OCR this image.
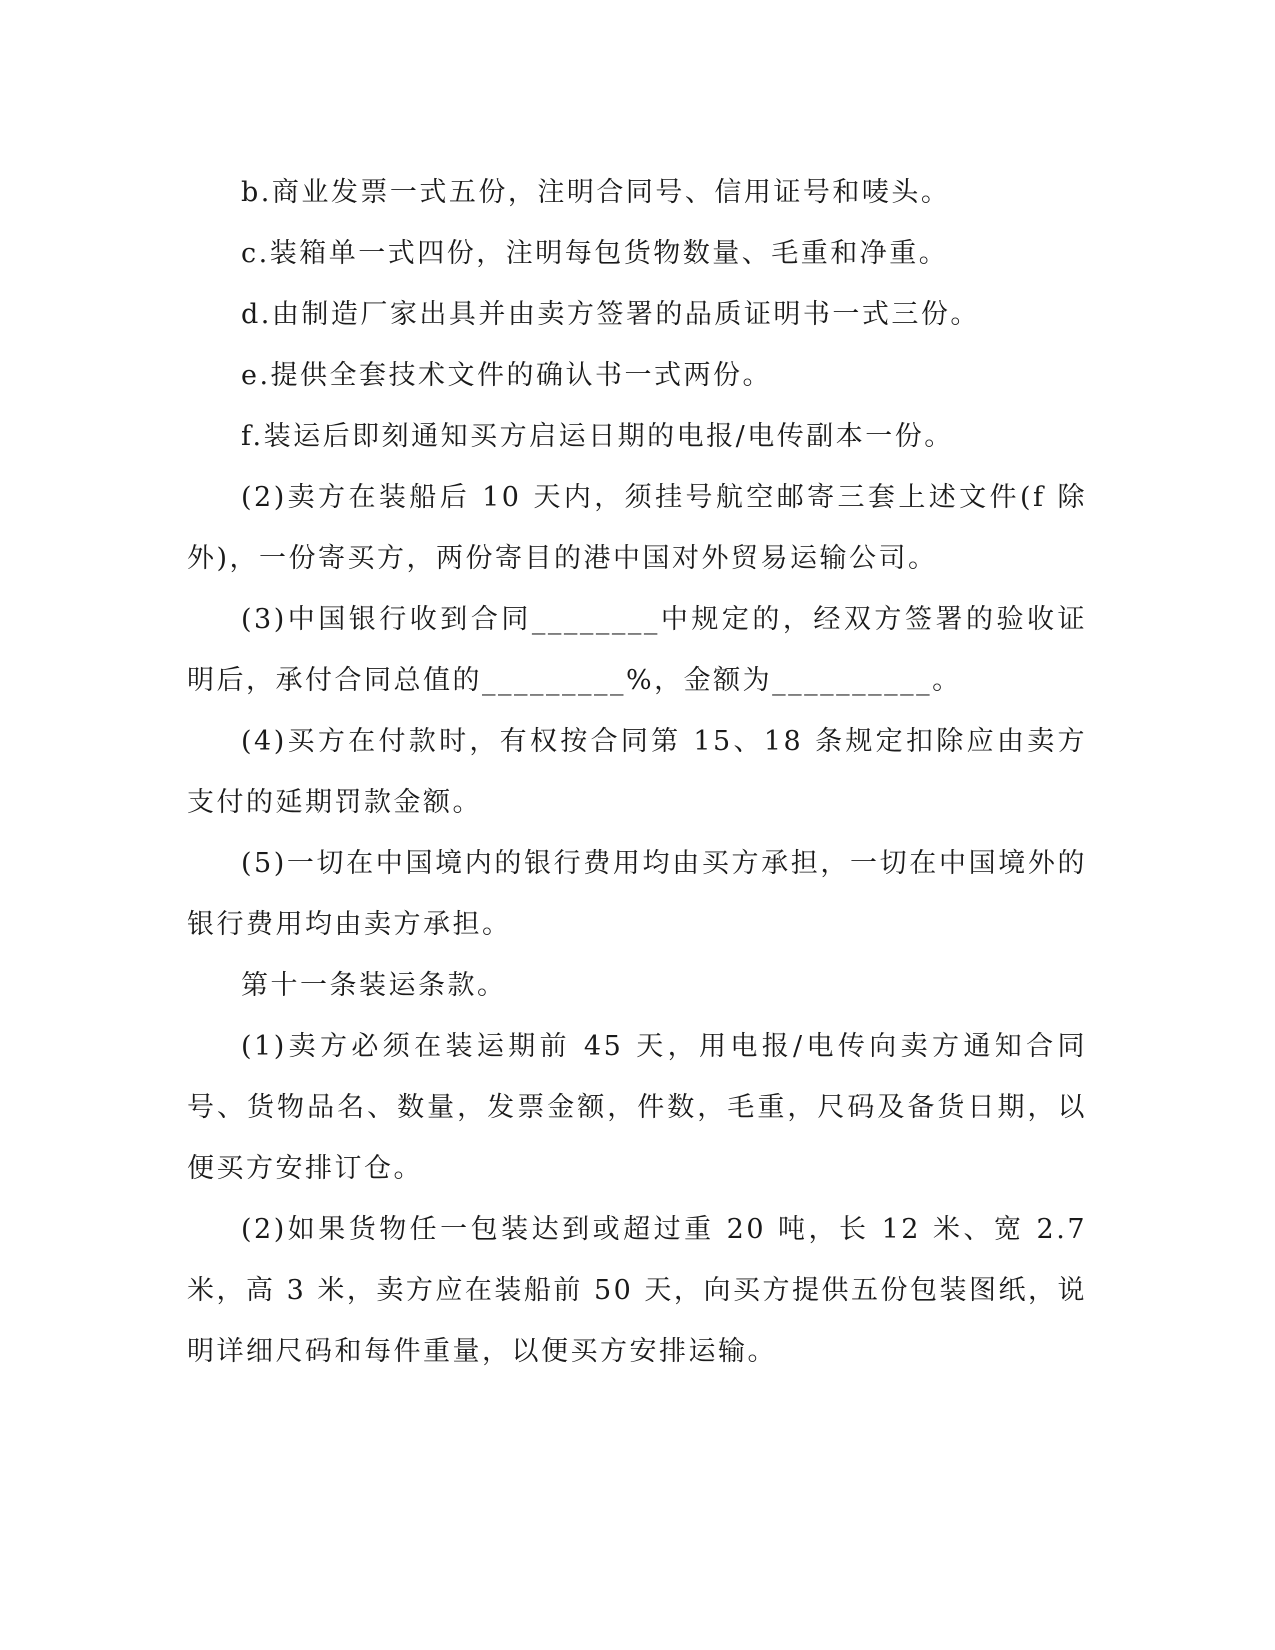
b.商业发票一式五份，注明合同号、信用证号和唛头。

c.装箱单一式四份，注明每包货物数量、毛重和净重。

d.由制造厂家出具并由卖方签署的品质证明书一式三份。

e.提供全套技术文件的确认书一式两份。

f.装运后即刻通知买方启运日期的电报/电传副本一份。

(2)卖方在装船后 10 天内，须挂号航空邮寄三套上述文件(f 除外)，一份寄买方，两份寄目的港中国对外贸易运输公司。

(3)中国银行收到合同________中规定的，经双方签署的验收证明后，承付合同总值的_________%，金额为__________。

(4)买方在付款时，有权按合同第 15、18 条规定扣除应由卖方支付的延期罚款金额。

(5)一切在中国境内的银行费用均由买方承担，一切在中国境外的银行费用均由卖方承担。

第十一条装运条款。

(1)卖方必须在装运期前 45 天，用电报/电传向卖方通知合同号、货物品名、数量，发票金额，件数，毛重，尺码及备货日期，以便买方安排订仓。

(2)如果货物任一包装达到或超过重 20 吨，长 12 米、宽 2.7 米，高 3 米，卖方应在装船前 50 天，向买方提供五份包装图纸，说明详细尺码和每件重量，以便买方安排运输。
